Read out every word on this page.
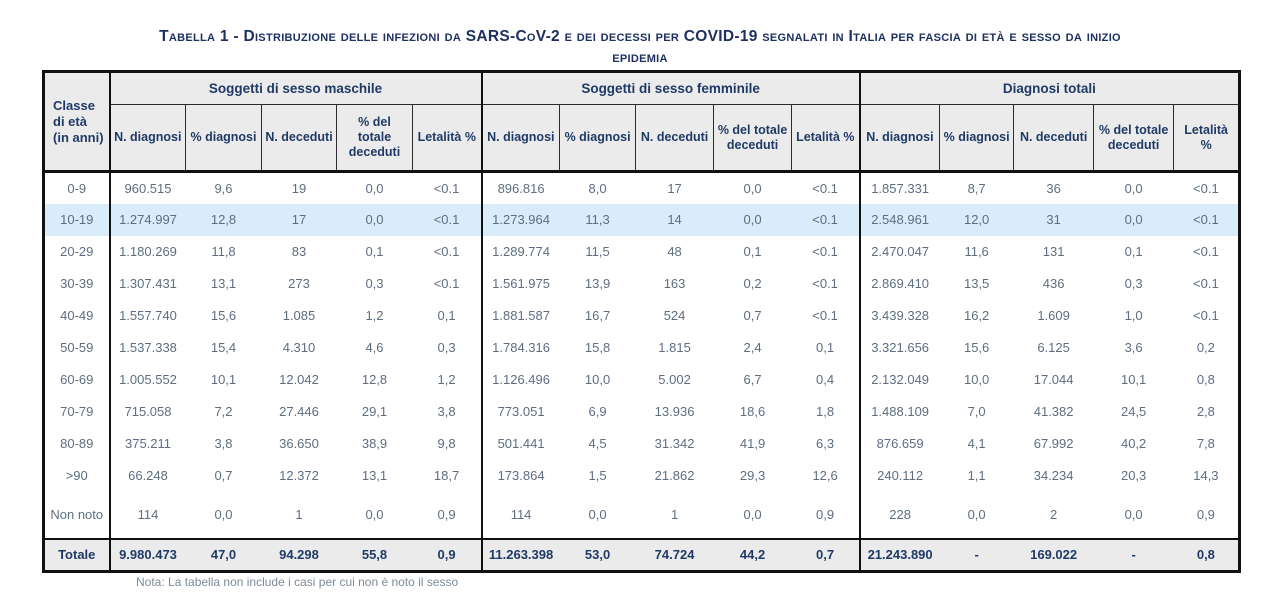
Tabella 1 - Distribuzione delle infezioni da SARS-CoV-2 e dei decessi per COVID-19 segnalati in Italia per fascia di età e sesso da inizio
epidemia
Classe di età (in anni)	Soggetti di sesso maschile					Soggetti di sesso femminile					Diagnosi totali				
	N. diagnosi	% diagnosi	N. deceduti	% del totale deceduti	Letalità %	N. diagnosi	% diagnosi	N. deceduti	% del totale deceduti	Letalità %	N. diagnosi	% diagnosi	N. deceduti	% del totale deceduti	Letalità %
0-9	960.515	9,6	19	0,0	<0.1	896.816	8,0	17	0,0	<0.1	1.857.331	8,7	36	0,0	<0.1
10-19	1.274.997	12,8	17	0,0	<0.1	1.273.964	11,3	14	0,0	<0.1	2.548.961	12,0	31	0,0	<0.1
20-29	1.180.269	11,8	83	0,1	<0.1	1.289.774	11,5	48	0,1	<0.1	2.470.047	11,6	131	0,1	<0.1
30-39	1.307.431	13,1	273	0,3	<0.1	1.561.975	13,9	163	0,2	<0.1	2.869.410	13,5	436	0,3	<0.1
40-49	1.557.740	15,6	1.085	1,2	0,1	1.881.587	16,7	524	0,7	<0.1	3.439.328	16,2	1.609	1,0	<0.1
50-59	1.537.338	15,4	4.310	4,6	0,3	1.784.316	15,8	1.815	2,4	0,1	3.321.656	15,6	6.125	3,6	0,2
60-69	1.005.552	10,1	12.042	12,8	1,2	1.126.496	10,0	5.002	6,7	0,4	2.132.049	10,0	17.044	10,1	0,8
70-79	715.058	7,2	27.446	29,1	3,8	773.051	6,9	13.936	18,6	1,8	1.488.109	7,0	41.382	24,5	2,8
80-89	375.211	3,8	36.650	38,9	9,8	501.441	4,5	31.342	41,9	6,3	876.659	4,1	67.992	40,2	7,8
>90	66.248	0,7	12.372	13,1	18,7	173.864	1,5	21.862	29,3	12,6	240.112	1,1	34.234	20,3	14,3
Non noto	114	0,0	1	0,0	0,9	114	0,0	1	0,0	0,9	228	0,0	2	0,0	0,9
Totale	9.980.473	47,0	94.298	55,8	0,9	11.263.398	53,0	74.724	44,2	0,7	21.243.890	-	169.022	-	0,8
Nota: La tabella non include i casi per cui non è noto il sesso
